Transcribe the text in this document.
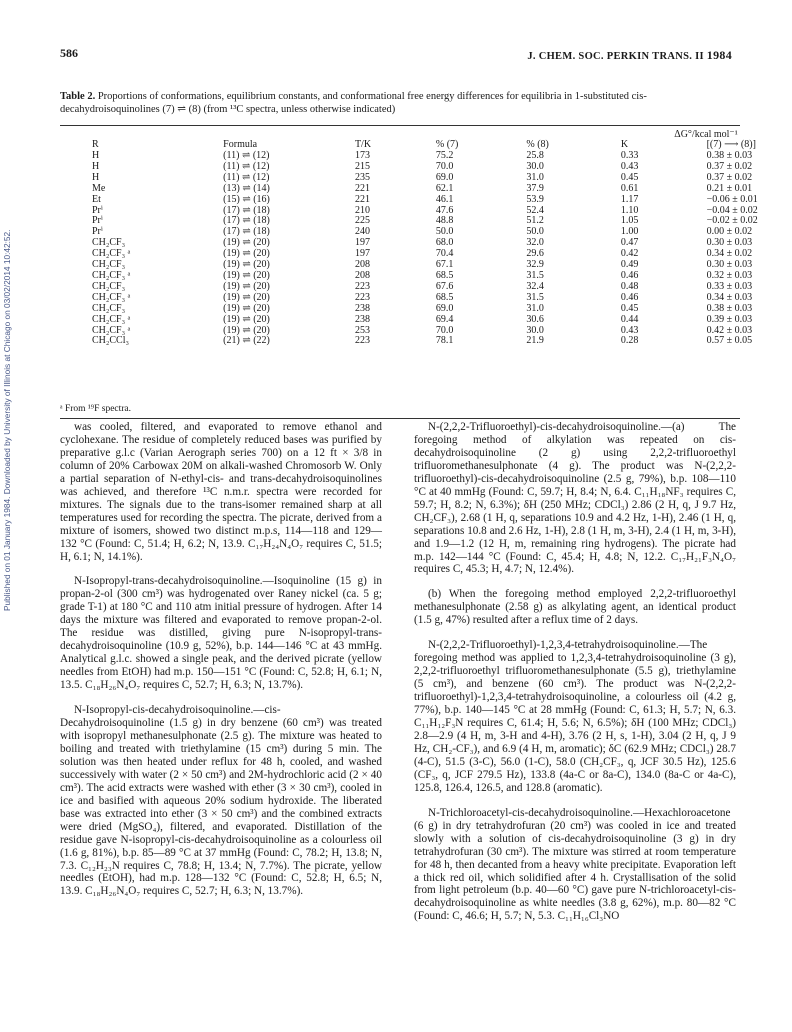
Published on 01 January 1984. Downloaded by University of Illinois at Chicago on 03/02/2014 10:42:52.
586	J. CHEM. SOC. PERKIN TRANS. II 1984
Table 2. Proportions of conformations, equilibrium constants, and conformational free energy differences for equilibria in 1-substituted cis-decahydroisoquinolines (7) ⇌ (8) (from ¹³C spectra, unless otherwise indicated)
ΔG°/kcal mol⁻¹
R	Formula	T/K	% (7)	% (8)	K	[(7) ⟶ (8)]
H	(11) ⇌ (12)	173	75.2	25.8	0.33	0.38 ± 0.03
H	(11) ⇌ (12)	215	70.0	30.0	0.43	0.37 ± 0.02
H	(11) ⇌ (12)	235	69.0	31.0	0.45	0.37 ± 0.02
Me	(13) ⇌ (14)	221	62.1	37.9	0.61	0.21 ± 0.01
Et	(15) ⇌ (16)	221	46.1	53.9	1.17	−0.06 ± 0.01
Prⁱ	(17) ⇌ (18)	210	47.6	52.4	1.10	−0.04 ± 0.02
Prⁱ	(17) ⇌ (18)	225	48.8	51.2	1.05	−0.02 ± 0.02
Prⁱ	(17) ⇌ (18)	240	50.0	50.0	1.00	0.00 ± 0.02
CH₂CF₃	(19) ⇌ (20)	197	68.0	32.0	0.47	0.30 ± 0.03
CH₂CF₃ ᵃ	(19) ⇌ (20)	197	70.4	29.6	0.42	0.34 ± 0.02
CH₂CF₃	(19) ⇌ (20)	208	67.1	32.9	0.49	0.30 ± 0.03
CH₂CF₃ ᵃ	(19) ⇌ (20)	208	68.5	31.5	0.46	0.32 ± 0.03
CH₂CF₃	(19) ⇌ (20)	223	67.6	32.4	0.48	0.33 ± 0.03
CH₂CF₃ ᵃ	(19) ⇌ (20)	223	68.5	31.5	0.46	0.34 ± 0.03
CH₂CF₃	(19) ⇌ (20)	238	69.0	31.0	0.45	0.38 ± 0.03
CH₂CF₃ ᵃ	(19) ⇌ (20)	238	69.4	30.6	0.44	0.39 ± 0.03
CH₂CF₃ ᵃ	(19) ⇌ (20)	253	70.0	30.0	0.43	0.42 ± 0.03
CH₂CCl₃	(21) ⇌ (22)	223	78.1	21.9	0.28	0.57 ± 0.05
ᵃ From ¹⁹F spectra.

was cooled, filtered, and evaporated to remove ethanol and cyclohexane. The residue of completely reduced bases was purified by preparative g.l.c (Varian Aerograph series 700) on a 12 ft × 3/8 in column of 20% Carbowax 20M on alkali-washed Chromosorb W. Only a partial separation of N-ethyl-cis- and trans-decahydroisoquinolines was achieved, and therefore ¹³C n.m.r. spectra were recorded for mixtures. The signals due to the trans-isomer remained sharp at all temperatures used for recording the spectra. The picrate, derived from a mixture of isomers, showed two distinct m.p.s, 114—118 and 129—132 °C (Found: C, 51.4; H, 6.2; N, 13.9. C₁₇H₂₄N₄O₇ requires C, 51.5; H, 6.1; N, 14.1%).

N-Isopropyl-trans-decahydroisoquinoline.—Isoquinoline (15 g) in propan-2-ol (300 cm³) was hydrogenated over Raney nickel (ca. 5 g; grade T-1) at 180 °C and 110 atm initial pressure of hydrogen. After 14 days the mixture was filtered and evaporated to remove propan-2-ol. The residue was distilled, giving pure N-isopropyl-trans-decahydroisoquinoline (10.9 g, 52%), b.p. 144—146 °C at 43 mmHg. Analytical g.l.c. showed a single peak, and the derived picrate (yellow needles from EtOH) had m.p. 150—151 °C (Found: C, 52.8; H, 6.1; N, 13.5. C₁₈H₂₆N₄O₇ requires C, 52.7; H, 6.3; N, 13.7%).

N-Isopropyl-cis-decahydroisoquinoline.—cis-Decahydroisoquinoline (1.5 g) in dry benzene (60 cm³) was treated with isopropyl methanesulphonate (2.5 g). The mixture was heated to boiling and treated with triethylamine (15 cm³) during 5 min. The solution was then heated under reflux for 48 h, cooled, and washed successively with water (2 × 50 cm³) and 2M-hydrochloric acid (2 × 40 cm³). The acid extracts were washed with ether (3 × 30 cm³), cooled in ice and basified with aqueous 20% sodium hydroxide. The liberated base was extracted into ether (3 × 50 cm³) and the combined extracts were dried (MgSO₄), filtered, and evaporated. Distillation of the residue gave N-isopropyl-cis-decahydroisoquinoline as a colourless oil (1.6 g, 81%), b.p. 85—89 °C at 37 mmHg (Found: C, 78.2; H, 13.8; N, 7.3. C₁₂H₂₃N requires C, 78.8; H, 13.4; N, 7.7%). The picrate, yellow needles (EtOH), had m.p. 128—132 °C (Found: C, 52.8; H, 6.5; N, 13.9. C₁₈H₂₆N₄O₇ requires C, 52.7; H, 6.3; N, 13.7%).

N-(2,2,2-Trifluoroethyl)-cis-decahydroisoquinoline.—(a) The foregoing method of alkylation was repeated on cis-decahydroisoquinoline (2 g) using 2,2,2-trifluoroethyl trifluoromethanesulphonate (4 g). The product was N-(2,2,2-trifluoroethyl)-cis-decahydroisoquinoline (2.5 g, 79%), b.p. 108—110 °C at 40 mmHg (Found: C, 59.7; H, 8.4; N, 6.4. C₁₁H₁₈NF₃ requires C, 59.7; H, 8.2; N, 6.3%); δH (250 MHz; CDCl₃) 2.86 (2 H, q, J 9.7 Hz, CH₂CF₃), 2.68 (1 H, q, separations 10.9 and 4.2 Hz, 1-H), 2.46 (1 H, q, separations 10.8 and 2.6 Hz, 1-H), 2.8 (1 H, m, 3-H), 2.4 (1 H, m, 3-H), and 1.9—1.2 (12 H, m, remaining ring hydrogens). The picrate had m.p. 142—144 °C (Found: C, 45.4; H, 4.8; N, 12.2. C₁₇H₂₁F₃N₄O₇ requires C, 45.3; H, 4.7; N, 12.4%).

(b) When the foregoing method employed 2,2,2-trifluoroethyl methanesulphonate (2.58 g) as alkylating agent, an identical product (1.5 g, 47%) resulted after a reflux time of 2 days.

N-(2,2,2-Trifluoroethyl)-1,2,3,4-tetrahydroisoquinoline.—The foregoing method was applied to 1,2,3,4-tetrahydroisoquinoline (3 g), 2,2,2-trifluoroethyl trifluoromethanesulphonate (5.5 g), triethylamine (5 cm³), and benzene (60 cm³). The product was N-(2,2,2-trifluoroethyl)-1,2,3,4-tetrahydroisoquinoline, a colourless oil (4.2 g, 77%), b.p. 140—145 °C at 28 mmHg (Found: C, 61.3; H, 5.7; N, 6.3. C₁₁H₁₂F₃N requires C, 61.4; H, 5.6; N, 6.5%); δH (100 MHz; CDCl₃) 2.8—2.9 (4 H, m, 3-H and 4-H), 3.76 (2 H, s, 1-H), 3.04 (2 H, q, J 9 Hz, CH₂-CF₃), and 6.9 (4 H, m, aromatic); δC (62.9 MHz; CDCl₃) 28.7 (4-C), 51.5 (3-C), 56.0 (1-C), 58.0 (CH₂CF₃, q, JCF 30.5 Hz), 125.6 (CF₃, q, JCF 279.5 Hz), 133.8 (4a-C or 8a-C), 134.0 (8a-C or 4a-C), 125.8, 126.4, 126.5, and 128.8 (aromatic).

N-Trichloroacetyl-cis-decahydroisoquinoline.—Hexachloroacetone (6 g) in dry tetrahydrofuran (20 cm³) was cooled in ice and treated slowly with a solution of cis-decahydroisoquinoline (3 g) in dry tetrahydrofuran (30 cm³). The mixture was stirred at room temperature for 48 h, then decanted from a heavy white precipitate. Evaporation left a thick red oil, which solidified after 4 h. Crystallisation of the solid from light petroleum (b.p. 40—60 °C) gave pure N-trichloroacetyl-cis-decahydroisoquinoline as white needles (3.8 g, 62%), m.p. 80—82 °C (Found: C, 46.6; H, 5.7; N, 5.3. C₁₁H₁₆Cl₃NO
